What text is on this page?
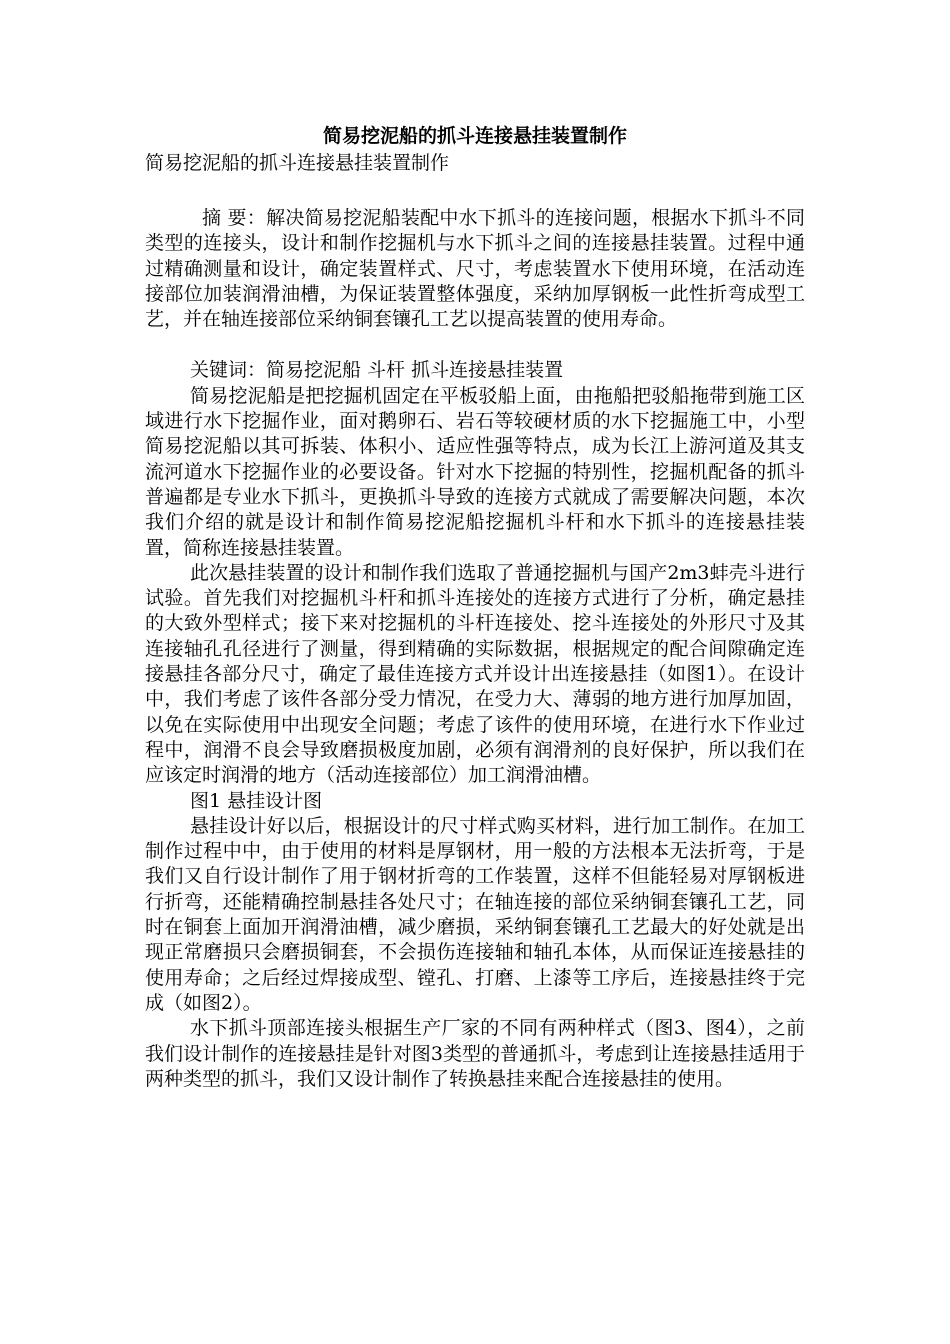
简易挖泥船的抓斗连接悬挂装置制作

简易挖泥船的抓斗连接悬挂装置制作

摘 要：解决简易挖泥船装配中水下抓斗的连接问题，根据水下抓斗不同类型的连接头，设计和制作挖掘机与水下抓斗之间的连接悬挂装置。过程中通过精确测量和设计，确定装置样式、尺寸，考虑装置水下使用环境，在活动连接部位加装润滑油槽，为保证装置整体强度，采纳加厚钢板一此性折弯成型工艺，并在轴连接部位采纳铜套镶孔工艺以提高装置的使用寿命。

关键词：简易挖泥船 斗杆 抓斗连接悬挂装置

简易挖泥船是把挖掘机固定在平板驳船上面，由拖船把驳船拖带到施工区域进行水下挖掘作业，面对鹅卵石、岩石等较硬材质的水下挖掘施工中，小型简易挖泥船以其可拆装、体积小、适应性强等特点，成为长江上游河道及其支流河道水下挖掘作业的必要设备。针对水下挖掘的特别性，挖掘机配备的抓斗普遍都是专业水下抓斗，更换抓斗导致的连接方式就成了需要解决问题，本次我们介绍的就是设计和制作简易挖泥船挖掘机斗杆和水下抓斗的连接悬挂装置，简称连接悬挂装置。

此次悬挂装置的设计和制作我们选取了普通挖掘机与国产2m3蚌壳斗进行试验。首先我们对挖掘机斗杆和抓斗连接处的连接方式进行了分析，确定悬挂的大致外型样式；接下来对挖掘机的斗杆连接处、挖斗连接处的外形尺寸及其连接轴孔孔径进行了测量，得到精确的实际数据，根据规定的配合间隙确定连接悬挂各部分尺寸，确定了最佳连接方式并设计出连接悬挂（如图1）。在设计中，我们考虑了该件各部分受力情况，在受力大、薄弱的地方进行加厚加固，以免在实际使用中出现安全问题；考虑了该件的使用环境，在进行水下作业过程中，润滑不良会导致磨损极度加剧，必须有润滑剂的良好保护，所以我们在应该定时润滑的地方（活动连接部位）加工润滑油槽。

图1 悬挂设计图

悬挂设计好以后，根据设计的尺寸样式购买材料，进行加工制作。在加工制作过程中中，由于使用的材料是厚钢材，用一般的方法根本无法折弯，于是我们又自行设计制作了用于钢材折弯的工作装置，这样不但能轻易对厚钢板进行折弯，还能精确控制悬挂各处尺寸；在轴连接的部位采纳铜套镶孔工艺，同时在铜套上面加开润滑油槽，减少磨损，采纳铜套镶孔工艺最大的好处就是出现正常磨损只会磨损铜套，不会损伤连接轴和轴孔本体，从而保证连接悬挂的使用寿命；之后经过焊接成型、镗孔、打磨、上漆等工序后，连接悬挂终于完成（如图2）。

水下抓斗顶部连接头根据生产厂家的不同有两种样式（图3、图4），之前我们设计制作的连接悬挂是针对图3类型的普通抓斗，考虑到让连接悬挂适用于两种类型的抓斗，我们又设计制作了转换悬挂来配合连接悬挂的使用。
